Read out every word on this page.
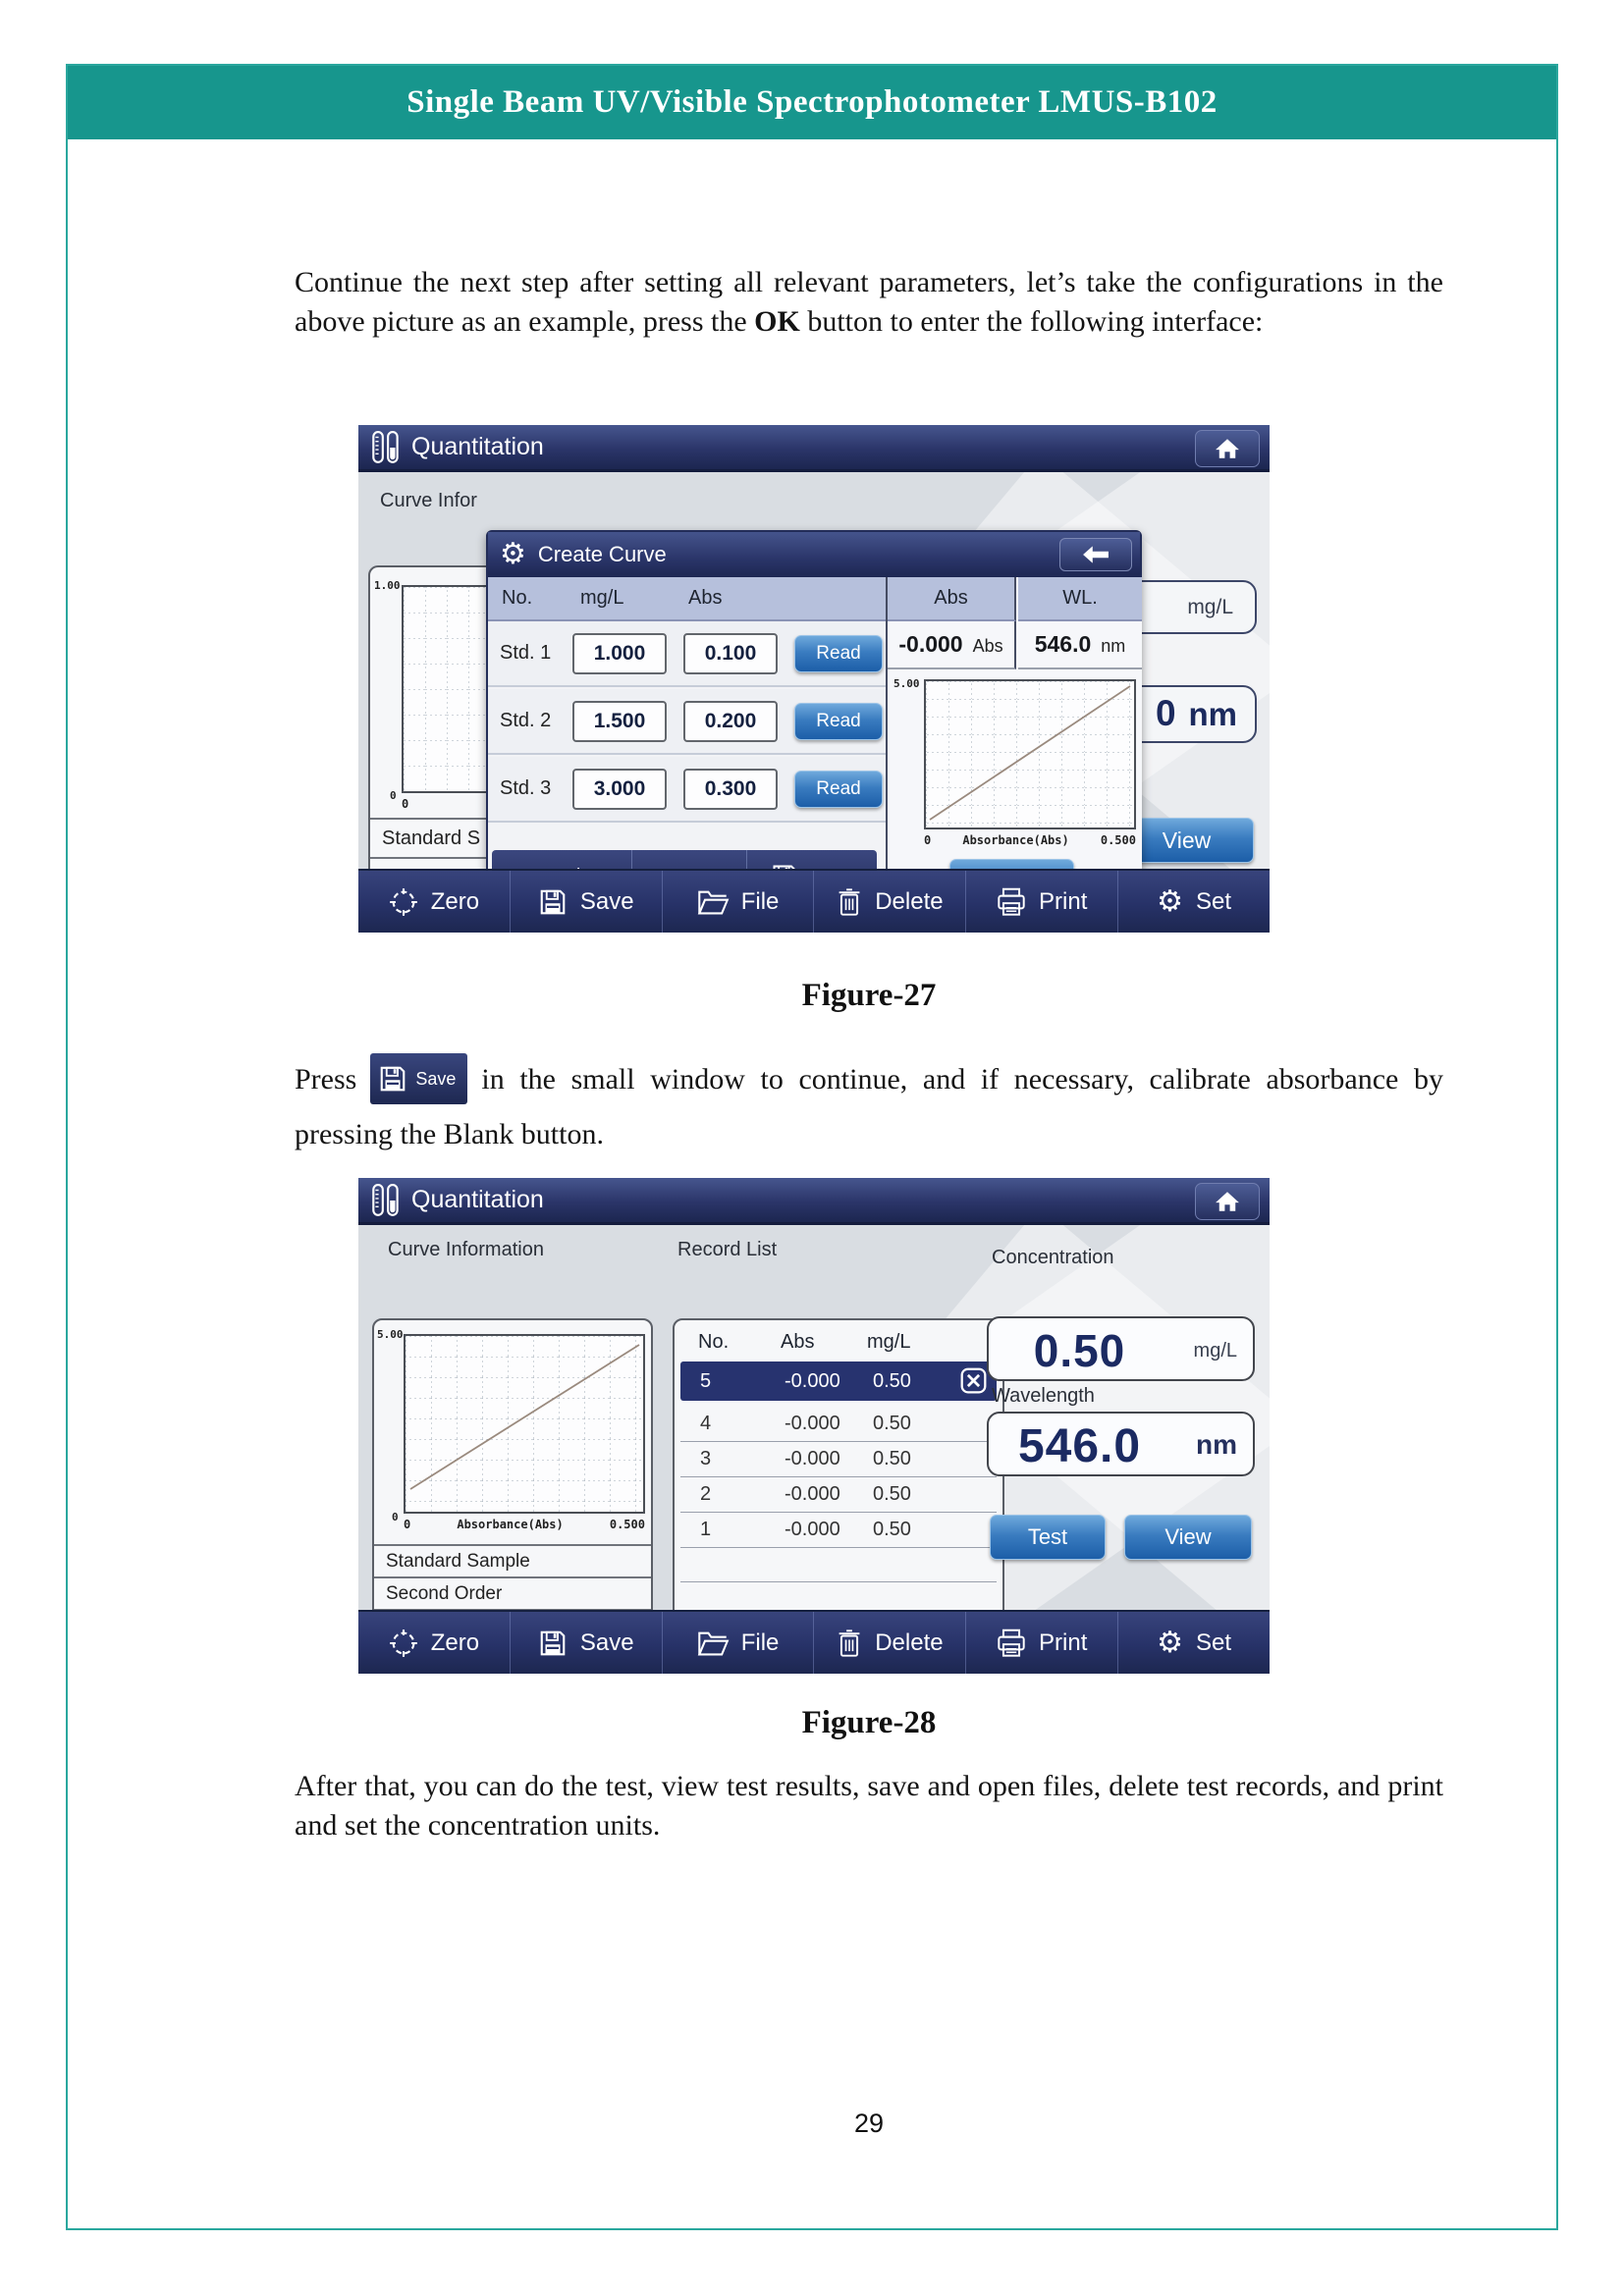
Single Beam UV/Visible Spectrophotometer LMUS-B102

Continue the next step after setting all relevant parameters, let’s take the configurations in the above picture as an example, press the OK button to enter the following interface:

Curve Infor
1.00
0
0
Standard S
mg/L
0 nm
View
⚙ Create Curve
No.	mg/L	Abs
Std. 1	1.000	0.100	Read
Std. 2	1.500	0.200	Read
Std. 3	3.000	0.300	Read
Abs	WL.
-0.000 Abs 546.0 nm
5.00
0	Absorbance(Abs)	0.500
Quantitation
Zero	Save	File	Delete	Print ⚙ Set
Figure-27

Press	Save in the small window to continue, and if necessary, calibrate absorbance by pressing the Blank button.

Curve Information	Record List	Concentration
5.00
0
0	Absorbance(Abs)	0.500
Standard Sample
Second Order
No.	Abs	mg/L
5	-0.000	0.50
4	-0.000	0.50
3	-0.000	0.50
2	-0.000	0.50
1	-0.000	0.50
0.50	mg/L
Wavelength
546.0	nm
Test	View
Quantitation
Zero	Save	File	Delete	Print ⚙ Set
Figure-28

After that, you can do the test, view test results, save and open files, delete test records, and print and set the concentration units.

29
